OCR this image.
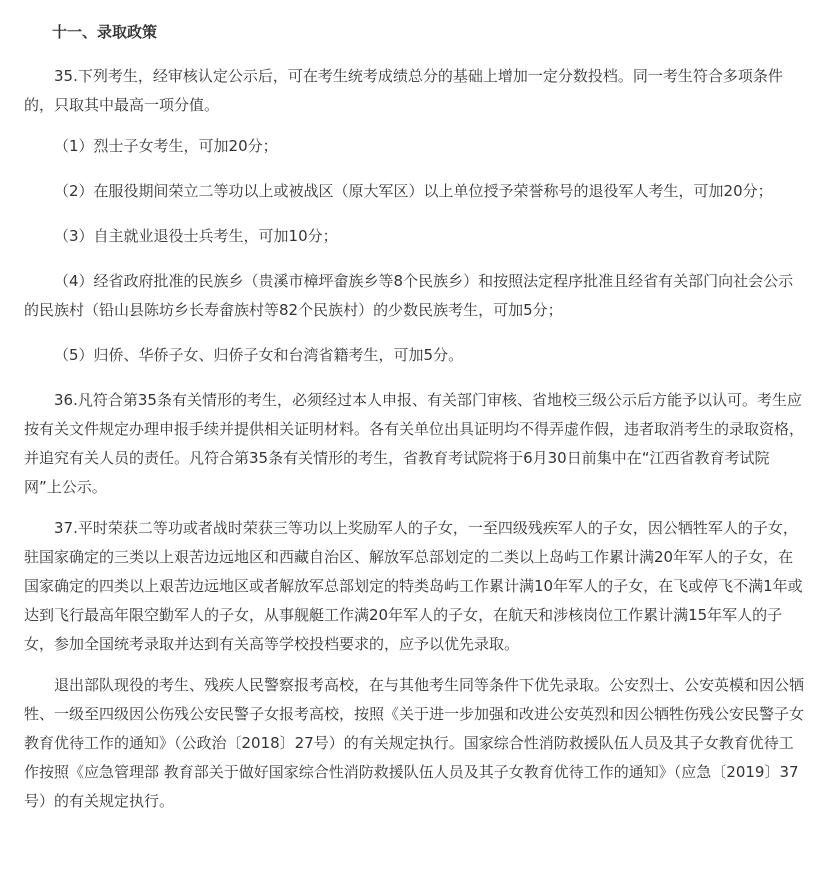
十一、录取政策

35.下列考生，经审核认定公示后，可在考生统考成绩总分的基础上增加一定分数投档。同一考生符合多项条件的，只取其中最高一项分值。

（1）烈士子女考生，可加20分；

（2）在服役期间荣立二等功以上或被战区（原大军区）以上单位授予荣誉称号的退役军人考生，可加20分；

（3）自主就业退役士兵考生，可加10分；

（4）经省政府批准的民族乡（贵溪市樟坪畲族乡等8个民族乡）和按照法定程序批准且经省有关部门向社会公示的民族村（铅山县陈坊乡长寿畲族村等82个民族村）的少数民族考生，可加5分；

（5）归侨、华侨子女、归侨子女和台湾省籍考生，可加5分。

36.凡符合第35条有关情形的考生，必须经过本人申报、有关部门审核、省地校三级公示后方能予以认可。考生应按有关文件规定办理申报手续并提供相关证明材料。各有关单位出具证明均不得弄虚作假，违者取消考生的录取资格，并追究有关人员的责任。凡符合第35条有关情形的考生，省教育考试院将于6月30日前集中在“江西省教育考试院网”上公示。

37.平时荣获二等功或者战时荣获三等功以上奖励军人的子女，一至四级残疾军人的子女，因公牺牲军人的子女，驻国家确定的三类以上艰苦边远地区和西藏自治区、解放军总部划定的二类以上岛屿工作累计满20年军人的子女，在国家确定的四类以上艰苦边远地区或者解放军总部划定的特类岛屿工作累计满10年军人的子女，在飞或停飞不满1年或达到飞行最高年限空勤军人的子女，从事舰艇工作满20年军人的子女，在航天和涉核岗位工作累计满15年军人的子女，参加全国统考录取并达到有关高等学校投档要求的，应予以优先录取。

退出部队现役的考生、残疾人民警察报考高校，在与其他考生同等条件下优先录取。公安烈士、公安英模和因公牺牲、一级至四级因公伤残公安民警子女报考高校，按照《关于进一步加强和改进公安英烈和因公牺牲伤残公安民警子女教育优待工作的通知》（公政治〔2018〕27号）的有关规定执行。国家综合性消防救援队伍人员及其子女教育优待工作按照《应急管理部 教育部关于做好国家综合性消防救援队伍人员及其子女教育优待工作的通知》（应急〔2019〕37号）的有关规定执行。
